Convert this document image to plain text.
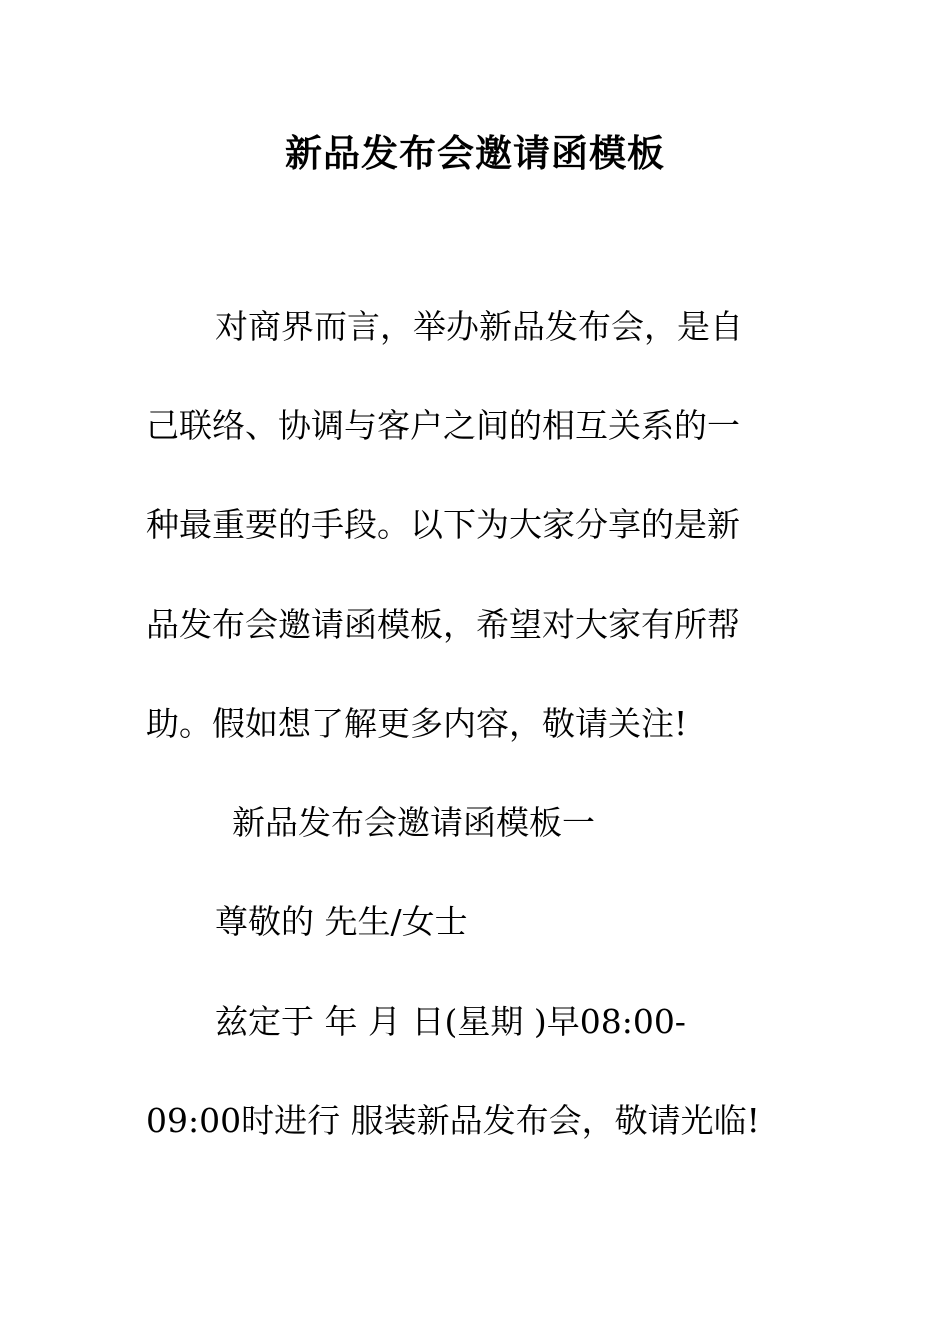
新品发布会邀请函模板
对商界而言，举办新品发布会，是自
己联络、协调与客户之间的相互关系的一
种最重要的手段。以下为大家分享的是新
品发布会邀请函模板，希望对大家有所帮
助。假如想了解更多内容，敬请关注!
新品发布会邀请函模板一
尊敬的 先生/女士
兹定于 年 月 日(星期 )早08:00-
09:00时进行 服装新品发布会，敬请光临!
